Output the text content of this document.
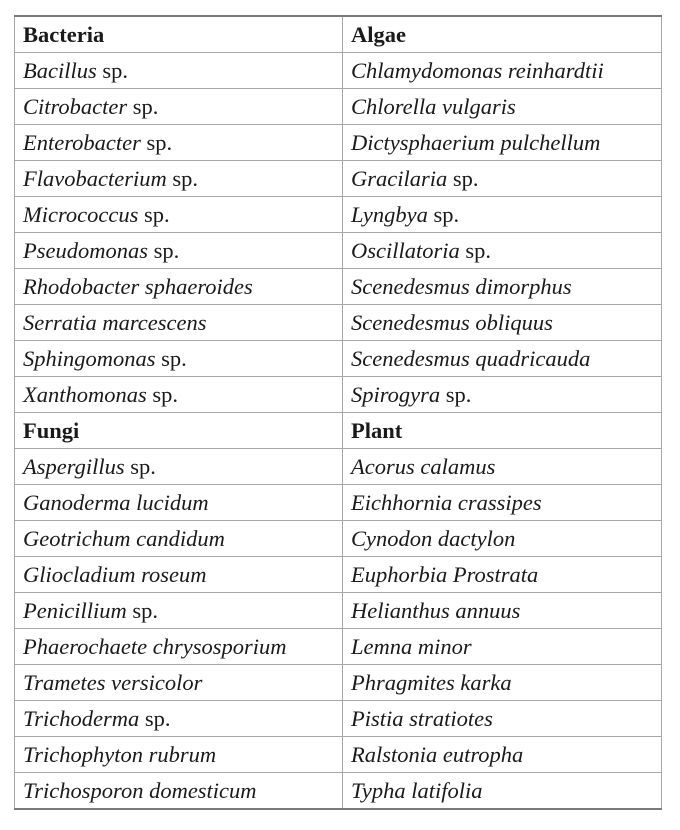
Bacteria	Algae
Bacillus sp.	Chlamydomonas reinhardtii
Citrobacter sp.	Chlorella vulgaris
Enterobacter sp.	Dictysphaerium pulchellum
Flavobacterium sp.	Gracilaria sp.
Micrococcus sp.	Lyngbya sp.
Pseudomonas sp.	Oscillatoria sp.
Rhodobacter sphaeroides	Scenedesmus dimorphus
Serratia marcescens	Scenedesmus obliquus
Sphingomonas sp.	Scenedesmus quadricauda
Xanthomonas sp.	Spirogyra sp.
Fungi	Plant
Aspergillus sp.	Acorus calamus
Ganoderma lucidum	Eichhornia crassipes
Geotrichum candidum	Cynodon dactylon
Gliocladium roseum	Euphorbia Prostrata
Penicillium sp.	Helianthus annuus
Phaerochaete chrysosporium	Lemna minor
Trametes versicolor	Phragmites karka
Trichoderma sp.	Pistia stratiotes
Trichophyton rubrum	Ralstonia eutropha
Trichosporon domesticum	Typha latifolia
